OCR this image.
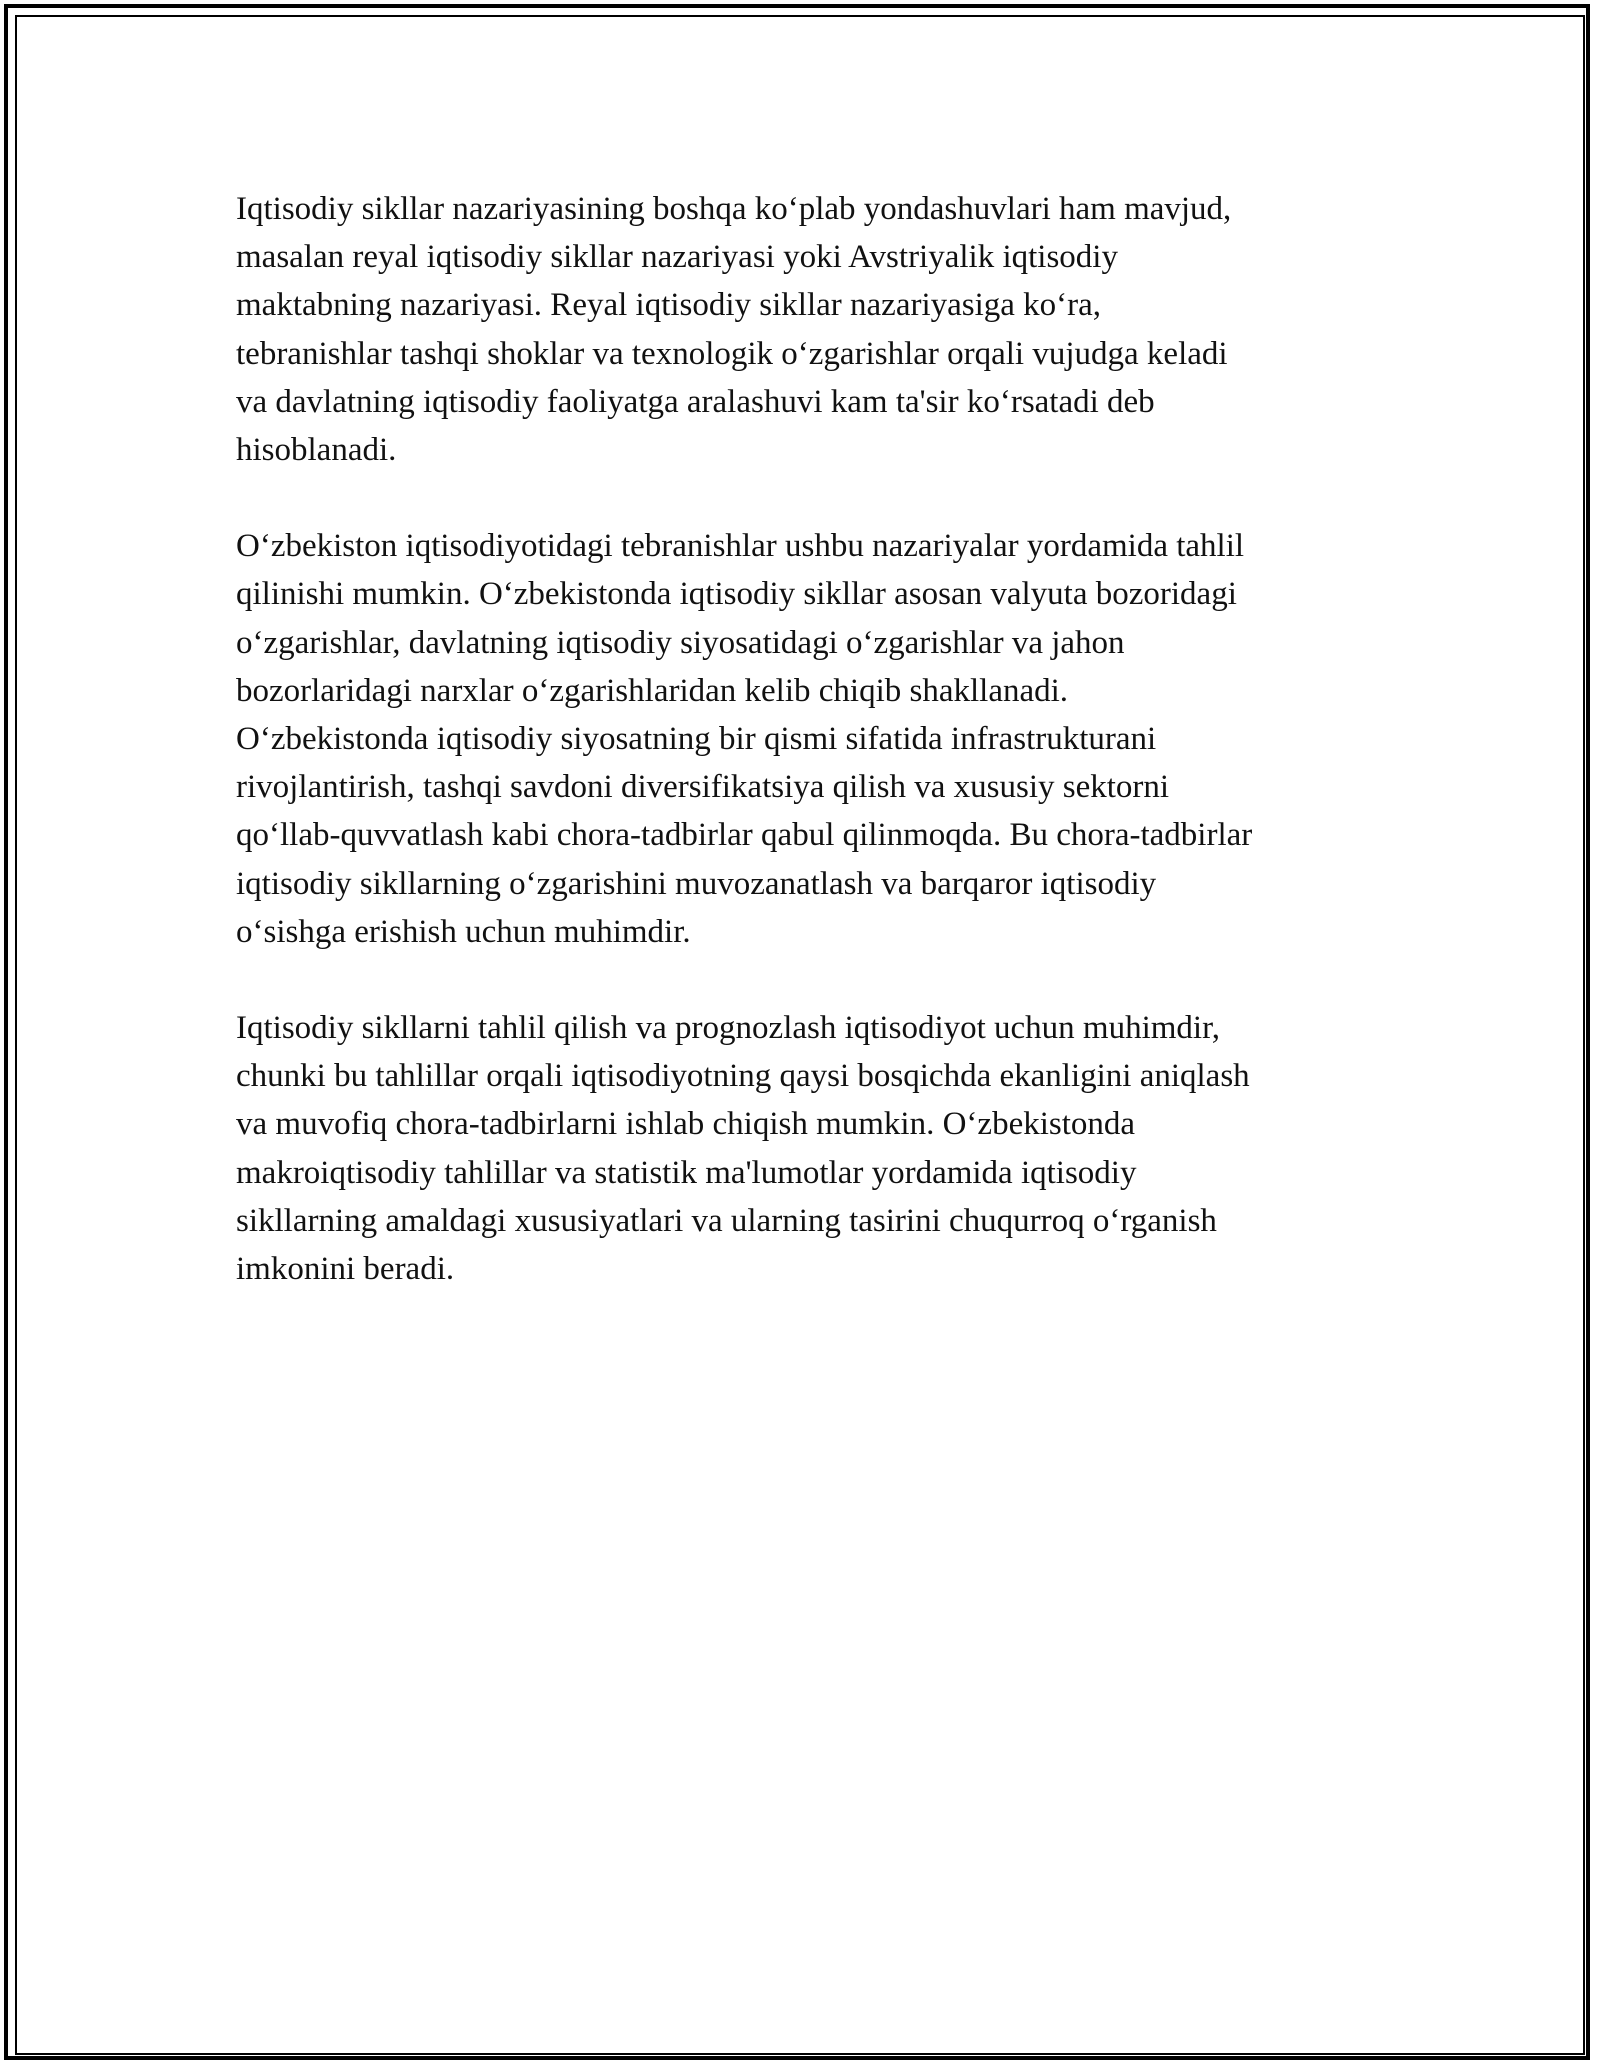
Iqtisodiy sikllar nazariyasining boshqa ko‘plab yondashuvlari ham mavjud,
masalan reyal iqtisodiy sikllar nazariyasi yoki Avstriyalik iqtisodiy
maktabning nazariyasi. Reyal iqtisodiy sikllar nazariyasiga ko‘ra,
tebranishlar tashqi shoklar va texnologik o‘zgarishlar orqali vujudga keladi
va davlatning iqtisodiy faoliyatga aralashuvi kam ta'sir ko‘rsatadi deb
hisoblanadi.

O‘zbekiston iqtisodiyotidagi tebranishlar ushbu nazariyalar yordamida tahlil
qilinishi mumkin. O‘zbekistonda iqtisodiy sikllar asosan valyuta bozoridagi
o‘zgarishlar, davlatning iqtisodiy siyosatidagi o‘zgarishlar va jahon
bozorlaridagi narxlar o‘zgarishlaridan kelib chiqib shakllanadi.
O‘zbekistonda iqtisodiy siyosatning bir qismi sifatida infrastrukturani
rivojlantirish, tashqi savdoni diversifikatsiya qilish va xususiy sektorni
qo‘llab-quvvatlash kabi chora-tadbirlar qabul qilinmoqda. Bu chora-tadbirlar
iqtisodiy sikllarning o‘zgarishini muvozanatlash va barqaror iqtisodiy
o‘sishga erishish uchun muhimdir.

Iqtisodiy sikllarni tahlil qilish va prognozlash iqtisodiyot uchun muhimdir,
chunki bu tahlillar orqali iqtisodiyotning qaysi bosqichda ekanligini aniqlash
va muvofiq chora-tadbirlarni ishlab chiqish mumkin. O‘zbekistonda
makroiqtisodiy tahlillar va statistik ma'lumotlar yordamida iqtisodiy
sikllarning amaldagi xususiyatlari va ularning tasirini chuqurroq o‘rganish
imkonini beradi.
